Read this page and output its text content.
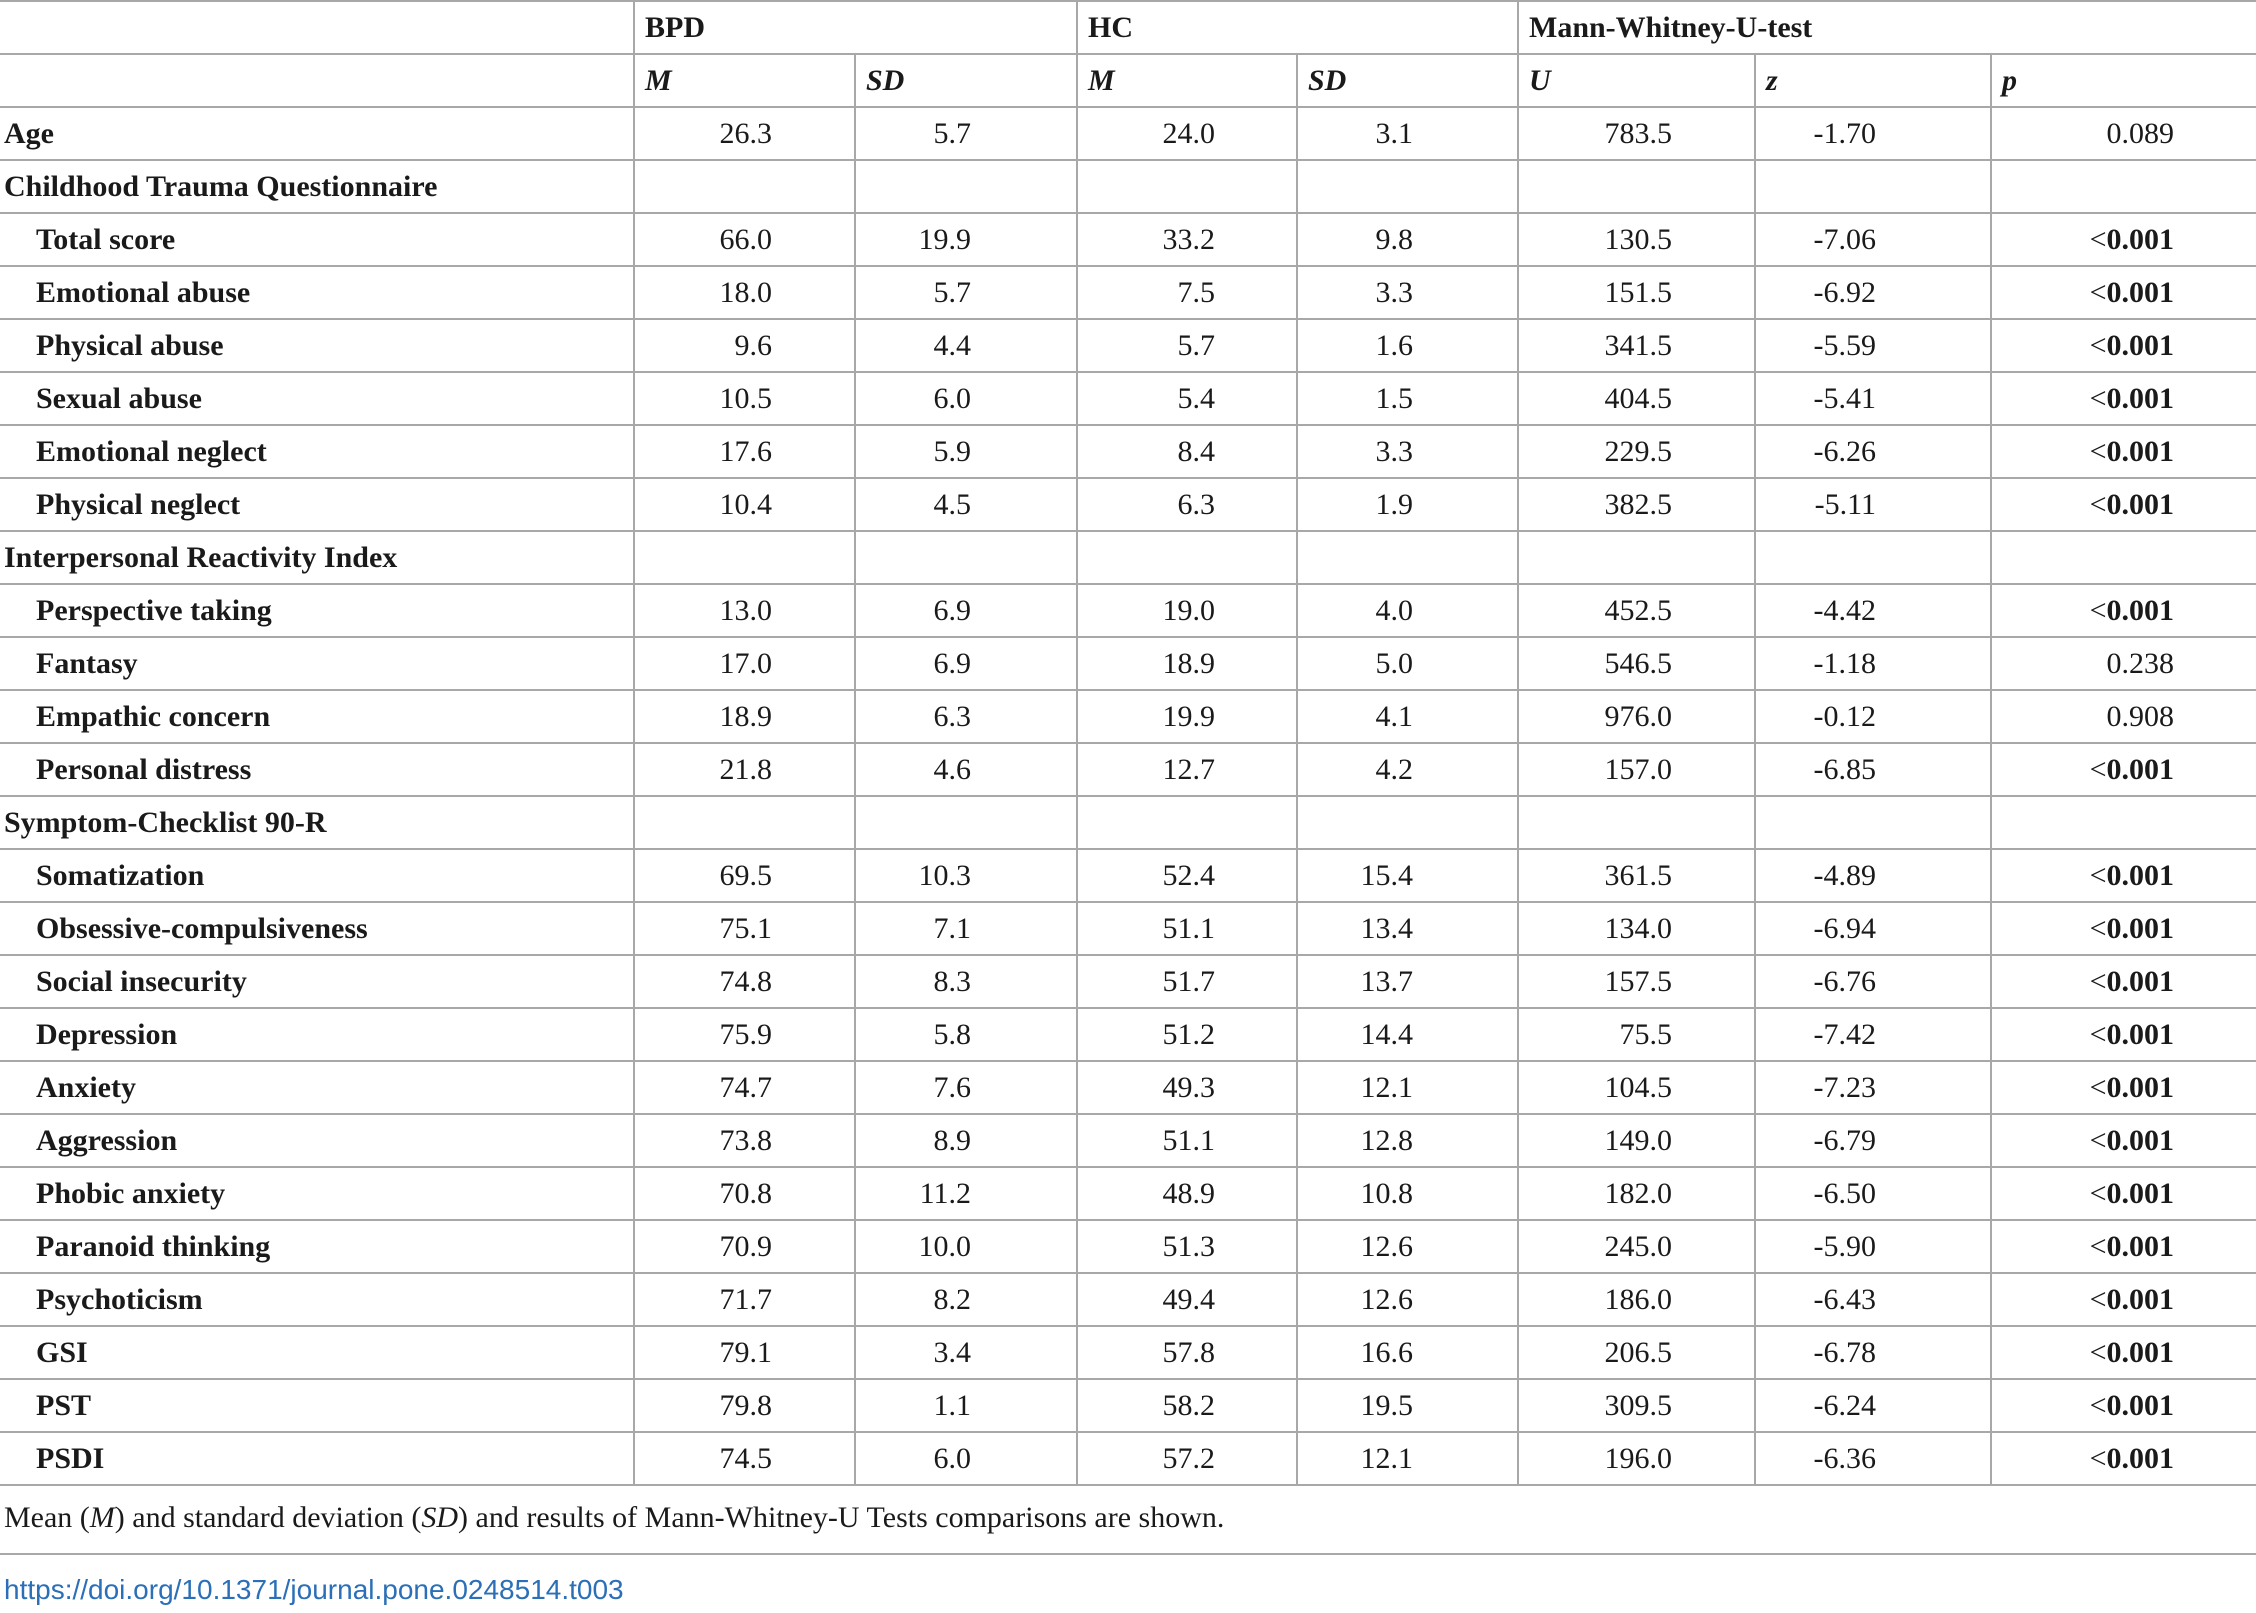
	BPD		HC		Mann-Whitney-U-test		
	M	SD	M	SD	U	z	p
Age	26.3	5.7	24.0	3.1	783.5	-1.70	0.089
Childhood Trauma Questionnaire							
Total score	66.0	19.9	33.2	9.8	130.5	-7.06	<0.001
Emotional abuse	18.0	5.7	7.5	3.3	151.5	-6.92	<0.001
Physical abuse	9.6	4.4	5.7	1.6	341.5	-5.59	<0.001
Sexual abuse	10.5	6.0	5.4	1.5	404.5	-5.41	<0.001
Emotional neglect	17.6	5.9	8.4	3.3	229.5	-6.26	<0.001
Physical neglect	10.4	4.5	6.3	1.9	382.5	-5.11	<0.001
Interpersonal Reactivity Index							
Perspective taking	13.0	6.9	19.0	4.0	452.5	-4.42	<0.001
Fantasy	17.0	6.9	18.9	5.0	546.5	-1.18	0.238
Empathic concern	18.9	6.3	19.9	4.1	976.0	-0.12	0.908
Personal distress	21.8	4.6	12.7	4.2	157.0	-6.85	<0.001
Symptom-Checklist 90-R							
Somatization	69.5	10.3	52.4	15.4	361.5	-4.89	<0.001
Obsessive-compulsiveness	75.1	7.1	51.1	13.4	134.0	-6.94	<0.001
Social insecurity	74.8	8.3	51.7	13.7	157.5	-6.76	<0.001
Depression	75.9	5.8	51.2	14.4	75.5	-7.42	<0.001
Anxiety	74.7	7.6	49.3	12.1	104.5	-7.23	<0.001
Aggression	73.8	8.9	51.1	12.8	149.0	-6.79	<0.001
Phobic anxiety	70.8	11.2	48.9	10.8	182.0	-6.50	<0.001
Paranoid thinking	70.9	10.0	51.3	12.6	245.0	-5.90	<0.001
Psychoticism	71.7	8.2	49.4	12.6	186.0	-6.43	<0.001
GSI	79.1	3.4	57.8	16.6	206.5	-6.78	<0.001
PST	79.8	1.1	58.2	19.5	309.5	-6.24	<0.001
PSDI	74.5	6.0	57.2	12.1	196.0	-6.36	<0.001

Mean (M) and standard deviation (SD) and results of Mann-Whitney-U Tests comparisons are shown.

https://doi.org/10.1371/journal.pone.0248514.t003
